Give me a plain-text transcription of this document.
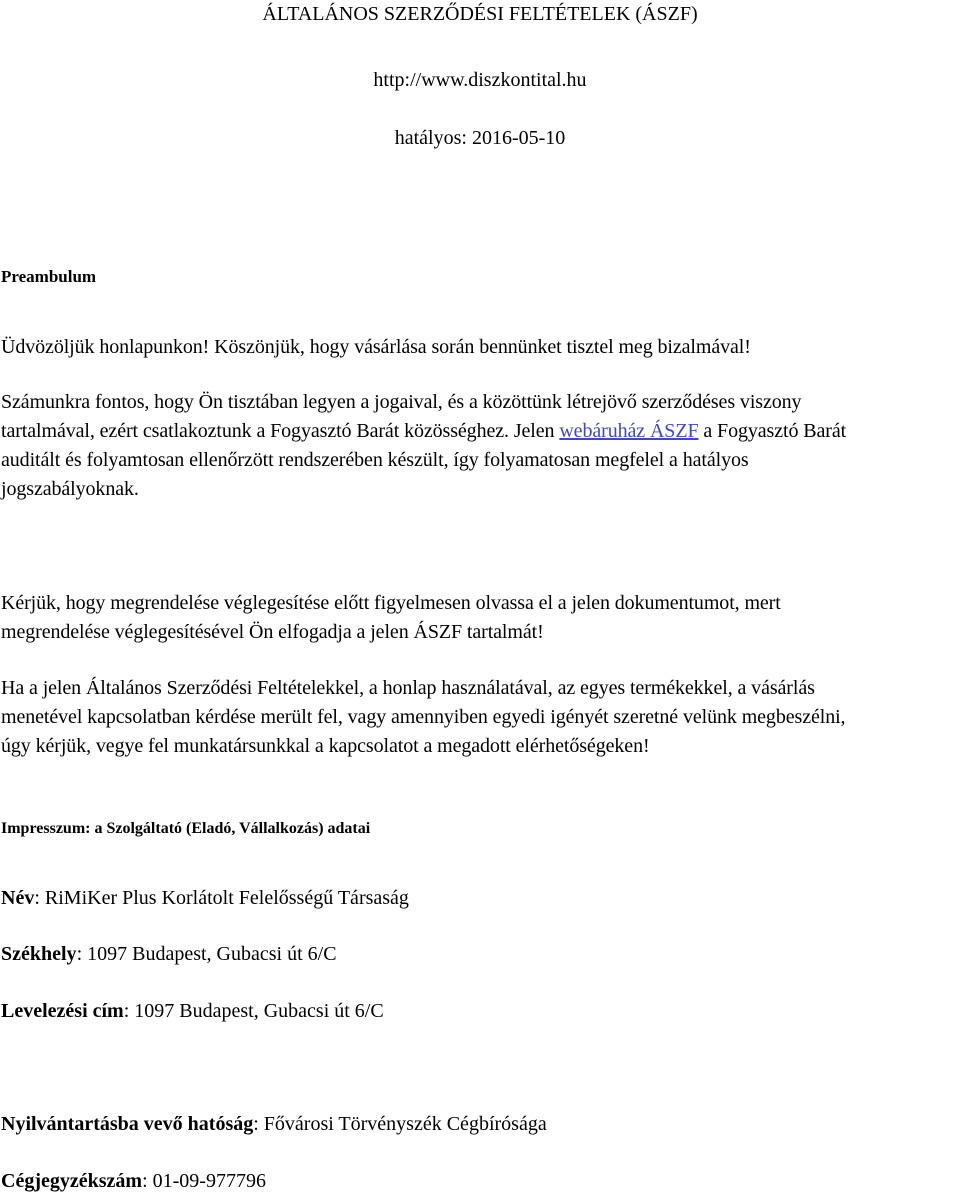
ÁLTALÁNOS SZERZŐDÉSI FELTÉTELEK (ÁSZF)
http://www.diszkontital.hu
hatályos: 2016-05-10
Preambulum
Üdvözöljük honlapunkon! Köszönjük, hogy vásárlása során bennünket tisztel meg bizalmával!
Számunkra fontos, hogy Ön tisztában legyen a jogaival, és a közöttünk létrejövő szerződéses viszony
tartalmával, ezért csatlakoztunk a Fogyasztó Barát közösséghez. Jelen webáruház ÁSZF a Fogyasztó Barát
auditált és folyamtosan ellenőrzött rendszerében készült, így folyamatosan megfelel a hatályos
jogszabályoknak.
Kérjük, hogy megrendelése véglegesítése előtt figyelmesen olvassa el a jelen dokumentumot, mert
megrendelése véglegesítésével Ön elfogadja a jelen ÁSZF tartalmát!
Ha a jelen Általános Szerződési Feltételekkel, a honlap használatával, az egyes termékekkel, a vásárlás
menetével kapcsolatban kérdése merült fel, vagy amennyiben egyedi igényét szeretné velünk megbeszélni,
úgy kérjük, vegye fel munkatársunkkal a kapcsolatot a megadott elérhetőségeken!
Impresszum: a Szolgáltató (Eladó, Vállalkozás) adatai
Név: RiMiKer Plus Korlátolt Felelősségű Társaság
Székhely: 1097 Budapest, Gubacsi út 6/C
Levelezési cím: 1097 Budapest, Gubacsi út 6/C
Nyilvántartásba vevő hatóság: Fővárosi Törvényszék Cégbírósága
Cégjegyzékszám: 01-09-977796
